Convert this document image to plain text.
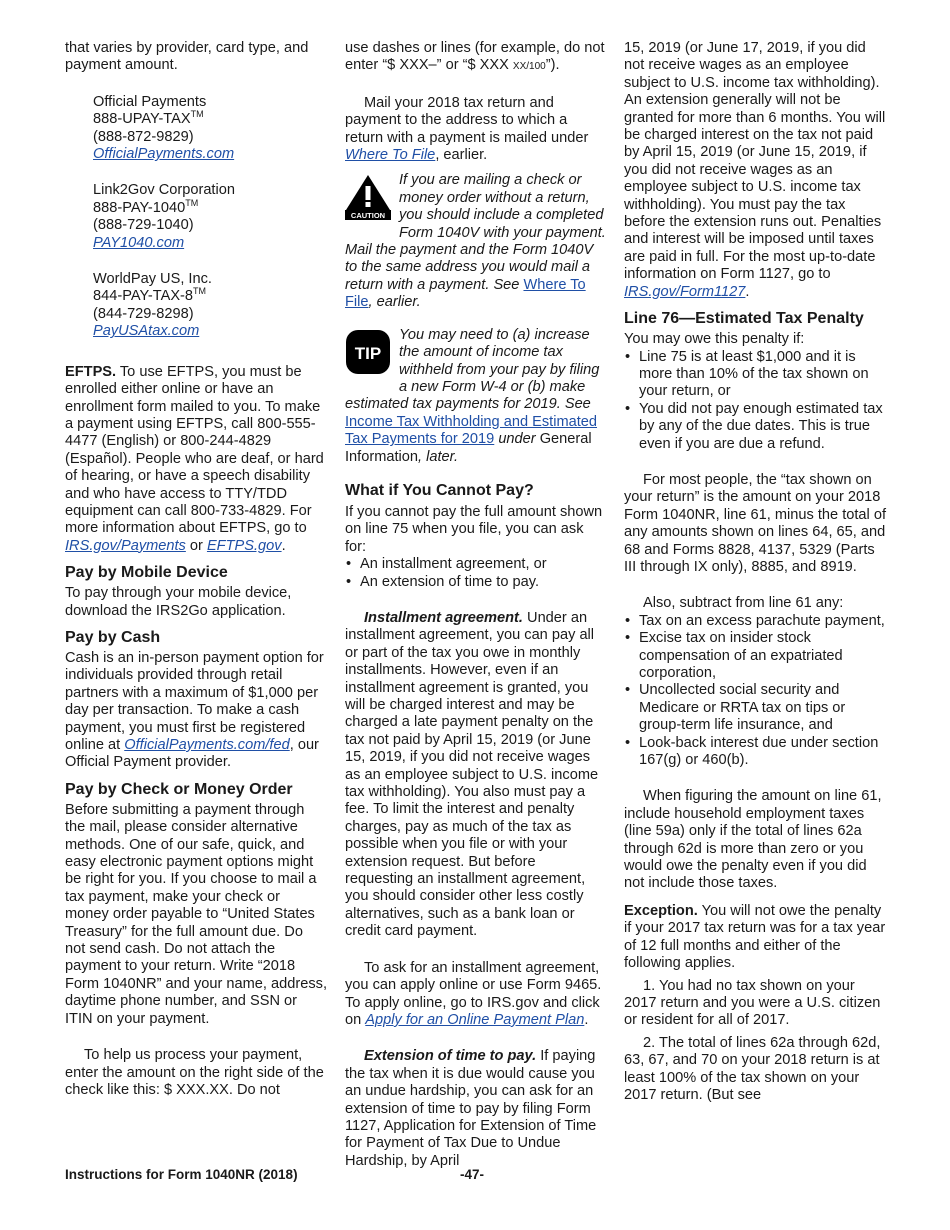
that varies by provider, card type, and payment amount.

Official Payments
888-UPAY-TAX™
(888-872-9829)
OfficialPayments.com
Link2Gov Corporation
888-PAY-1040™
(888-729-1040)
PAY1040.com
WorldPay US, Inc.
844-PAY-TAX-8™
(844-729-8298)
PayUSAtax.com

EFTPS. To use EFTPS, you must be enrolled either online or have an enrollment form mailed to you. To make a payment using EFTPS, call 800-555-4477 (English) or 800-244-4829 (Español). People who are deaf, or hard of hearing, or have a speech disability and who have access to TTY/TDD equipment can call 800-733-4829. For more information about EFTPS, go to IRS.gov/Payments or EFTPS.gov.

Pay by Mobile Device

To pay through your mobile device, download the IRS2Go application.

Pay by Cash

Cash is an in-person payment option for individuals provided through retail partners with a maximum of $1,000 per day per transaction. To make a cash payment, you must first be registered online at OfficialPayments.com/fed, our Official Payment provider.

Pay by Check or Money Order

Before submitting a payment through the mail, please consider alternative methods. One of our safe, quick, and easy electronic payment options might be right for you. If you choose to mail a tax payment, make your check or money order payable to “United States Treasury” for the full amount due. Do not send cash. Do not attach the payment to your return. Write “2018 Form 1040NR” and your name, address, daytime phone number, and SSN or ITIN on your payment.

To help us process your payment, enter the amount on the right side of the check like this: $ XXX.XX. Do not

use dashes or lines (for example, do not enter “$ XXX–” or “$ XXX XX/100”).

Mail your 2018 tax return and payment to the address to which a return with a payment is mailed under Where To File, earlier.

CAUTION

If you are mailing a check or money order without a return, you should include a completed Form 1040V with your payment. Mail the payment and the Form 1040V to the same address you would mail a return with a payment. See Where To File, earlier.

TIP

You may need to (a) increase the amount of income tax withheld from your pay by filing a new Form W-4 or (b) make estimated tax payments for 2019. See Income Tax Withholding and Estimated Tax Payments for 2019 under General Information, later.

What if You Cannot Pay?

If you cannot pay the full amount shown on line 75 when you file, you can ask for:

• An installment agreement, or
• An extension of time to pay.

Installment agreement. Under an installment agreement, you can pay all or part of the tax you owe in monthly installments. However, even if an installment agreement is granted, you will be charged interest and may be charged a late payment penalty on the tax not paid by April 15, 2019 (or June 15, 2019, if you did not receive wages as an employee subject to U.S. income tax withholding). You also must pay a fee. To limit the interest and penalty charges, pay as much of the tax as possible when you file or with your extension request. But before requesting an installment agreement, you should consider other less costly alternatives, such as a bank loan or credit card payment.

To ask for an installment agreement, you can apply online or use Form 9465. To apply online, go to IRS.gov and click on Apply for an Online Payment Plan.

Extension of time to pay. If paying the tax when it is due would cause you an undue hardship, you can ask for an extension of time to pay by filing Form 1127, Application for Extension of Time for Payment of Tax Due to Undue Hardship, by April

15, 2019 (or June 17, 2019, if you did not receive wages as an employee subject to U.S. income tax withholding). An extension generally will not be granted for more than 6 months. You will be charged interest on the tax not paid by April 15, 2019 (or June 15, 2019, if you did not receive wages as an employee subject to U.S. income tax withholding). You must pay the tax before the extension runs out. Penalties and interest will be imposed until taxes are paid in full. For the most up-to-date information on Form 1127, go to IRS.gov/Form1127.

Line 76—Estimated Tax Penalty

You may owe this penalty if:

• Line 75 is at least $1,000 and it is more than 10% of the tax shown on your return, or
• You did not pay enough estimated tax by any of the due dates. This is true even if you are due a refund.

For most people, the “tax shown on your return” is the amount on your 2018 Form 1040NR, line 61, minus the total of any amounts shown on lines 64, 65, and 68 and Forms 8828, 4137, 5329 (Parts III through IX only), 8885, and 8919.

Also, subtract from line 61 any:

• Tax on an excess parachute payment,
• Excise tax on insider stock compensation of an expatriated corporation,
• Uncollected social security and Medicare or RRTA tax on tips or group-term life insurance, and
• Look-back interest due under section 167(g) or 460(b).

When figuring the amount on line 61, include household employment taxes (line 59a) only if the total of lines 62a through 62d is more than zero or you would owe the penalty even if you did not include those taxes.

Exception. You will not owe the penalty if your 2017 tax return was for a tax year of 12 full months and either of the following applies.

1. You had no tax shown on your 2017 return and you were a U.S. citizen or resident for all of 2017.

2. The total of lines 62a through 62d, 63, 67, and 70 on your 2018 return is at least 100% of the tax shown on your 2017 return. (But see

Instructions for Form 1040NR (2018)	-47-
